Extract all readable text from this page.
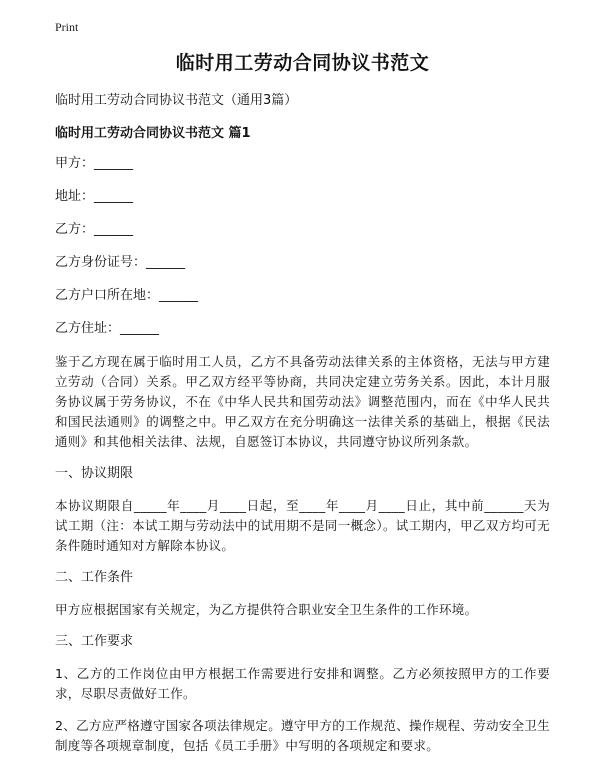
Print
临时用工劳动合同协议书范文
临时用工劳动合同协议书范文（通用3篇）
临时用工劳动合同协议书范文 篇1
甲方：______
地址：______
乙方：______
乙方身份证号：______
乙方户口所在地：______
乙方住址：______
鉴于乙方现在属于临时用工人员，乙方不具备劳动法律关系的主体资格，无法与甲方建立劳动（合同）关系。甲乙双方经平等协商，共同决定建立劳务关系。因此，本计月服务协议属于劳务协议，不在《中华人民共和国劳动法》调整范围内，而在《中华人民共和国民法通则》的调整之中。甲乙双方在充分明确这一法律关系的基础上，根据《民法通则》和其他相关法律、法规，自愿签订本协议，共同遵守协议所列条款。
一、协议期限
本协议期限自_____年____月____日起，至____年____月____日止，其中前______天为试工期（注：本试工期与劳动法中的试用期不是同一概念）。试工期内，甲乙双方均可无条件随时通知对方解除本协议。
二、工作条件
甲方应根据国家有关规定，为乙方提供符合职业安全卫生条件的工作环境。
三、工作要求
1、乙方的工作岗位由甲方根据工作需要进行安排和调整。乙方必须按照甲方的工作要求，尽职尽责做好工作。
2、乙方应严格遵守国家各项法律规定。遵守甲方的工作规范、操作规程、劳动安全卫生制度等各项规章制度，包括《员工手册》中写明的各项规定和要求。
